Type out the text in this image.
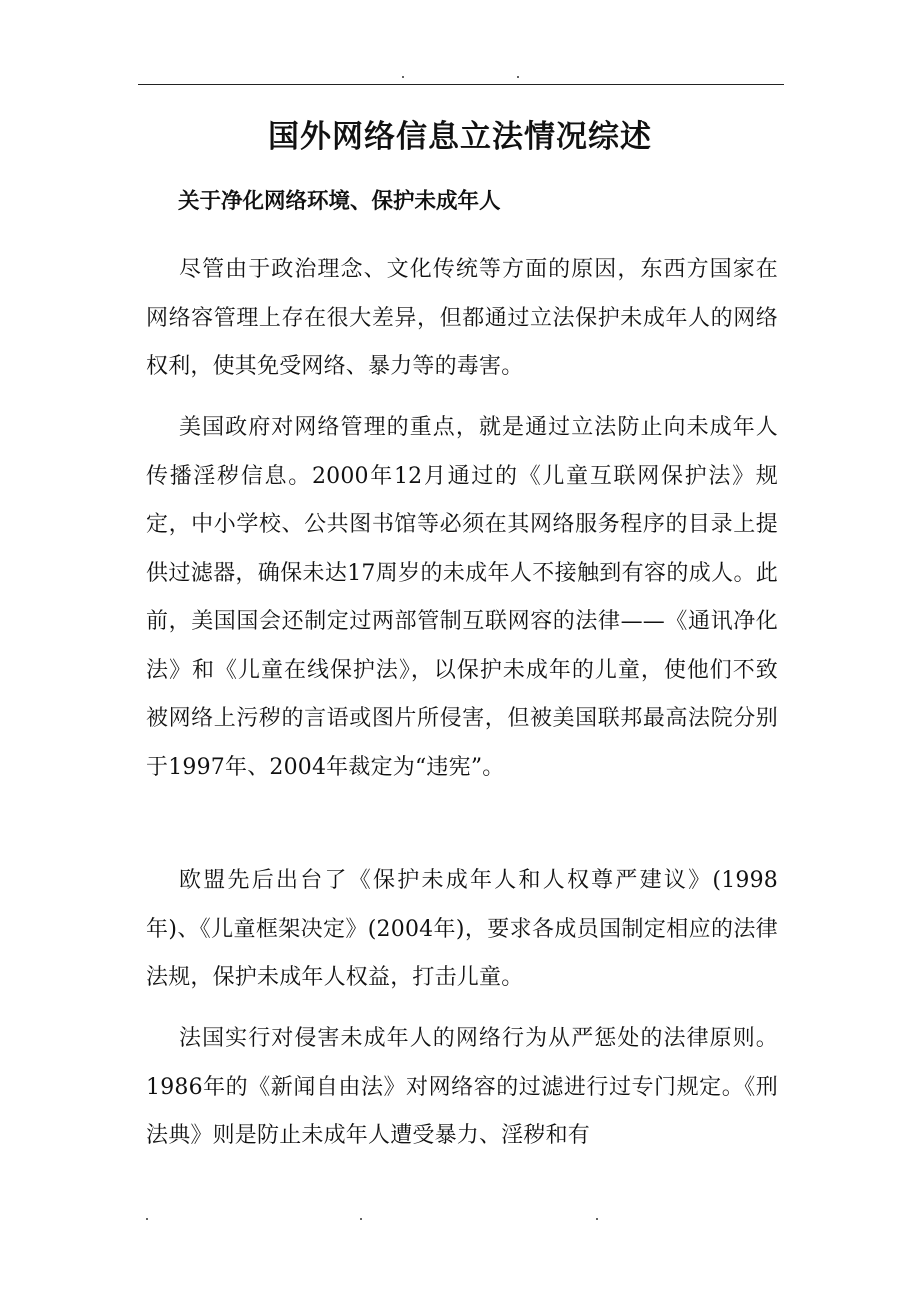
国外网络信息立法情况综述
关于净化网络环境、保护未成年人

尽管由于政治理念、文化传统等方面的原因，东西方国家在网络容管理上存在很大差异，但都通过立法保护未成年人的网络权利，使其免受网络、暴力等的毒害。

美国政府对网络管理的重点，就是通过立法防止向未成年人传播淫秽信息。2000年12月通过的《儿童互联网保护法》规定，中小学校、公共图书馆等必须在其网络服务程序的目录上提供过滤器，确保未达17周岁的未成年人不接触到有容的成人。此前，美国国会还制定过两部管制互联网容的法律——《通讯净化法》和《儿童在线保护法》，以保护未成年的儿童，使他们不致被网络上污秽的言语或图片所侵害，但被美国联邦最高法院分别于1997年、2004年裁定为“违宪”。

欧盟先后出台了《保护未成年人和人权尊严建议》(1998年)、《儿童框架决定》(2004年)，要求各成员国制定相应的法律法规，保护未成年人权益，打击儿童。

法国实行对侵害未成年人的网络行为从严惩处的法律原则。1986年的《新闻自由法》对网络容的过滤进行过专门规定。《刑法典》则是防止未成年人遭受暴力、淫秽和有
